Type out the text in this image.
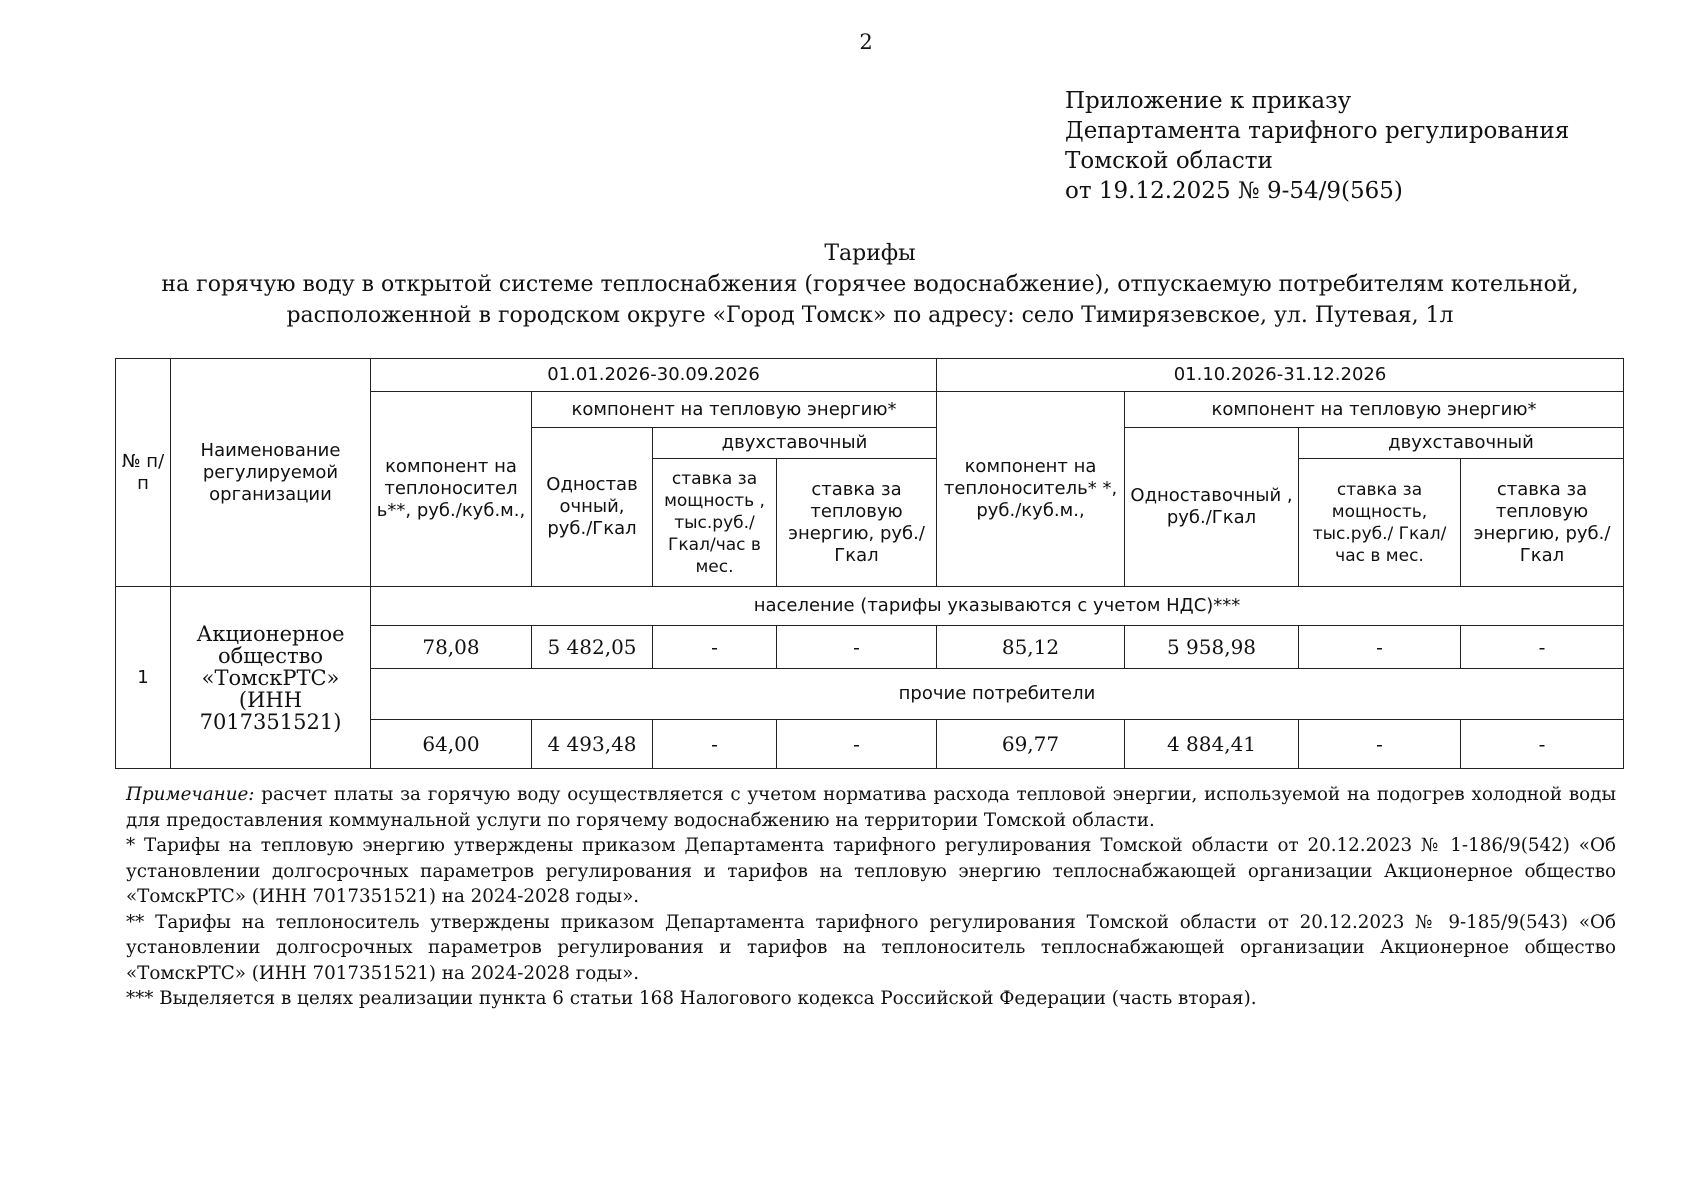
2
Приложение к приказу
Департамента тарифного регулирования
Томской области
от 19.12.2025 № 9-54/9(565)
Тарифы
на горячую воду в открытой системе теплоснабжения (горячее водоснабжение), отпускаемую потребителям котельной,
расположенной в городском округе «Город Томск» по адресу: село Тимирязевское, ул. Путевая, 1л
№ п/п	Наименование регулируемой организации	01.01.2026-30.09.2026				01.10.2026-31.12.2026			
		компонент на теплоносител ь**, руб./куб.м.,	компонент на тепловую энергию*			компонент на теплоноситель* *, руб./куб.м.,	компонент на тепловую энергию*		
			Одностав очный, руб./Гкал	двухставочный			Одноставочный , руб./Гкал	двухставочный	
				ставка за мощность , тыс.руб./ Гкал/час в мес.	ставка за тепловую энергию, руб./Гкал			ставка за мощность, тыс.руб./ Гкал/час в мес.	ставка за тепловую энергию, руб./Гкал

1	Акционерное общество «ТомскРТС» (ИНН 7017351521)	население (тарифы указываются с учетом НДС)***							
		78,08	5 482,05	-	-	85,12	5 958,98	-	-
		прочие потребители							
		64,00	4 493,48	-	-	69,77	4 884,41	-	-

Примечание: расчет платы за горячую воду осуществляется с учетом норматива расхода тепловой энергии, используемой на подогрев холодной воды для предоставления коммунальной услуги по горячему водоснабжению на территории Томской области.

* Тарифы на тепловую энергию утверждены приказом Департамента тарифного регулирования Томской области от 20.12.2023 № 1-186/9(542) «Об установлении долгосрочных параметров регулирования и тарифов на тепловую энергию теплоснабжающей организации Акционерное общество «ТомскРТС» (ИНН 7017351521) на 2024-2028 годы».

** Тарифы на теплоноситель утверждены приказом Департамента тарифного регулирования Томской области от 20.12.2023 № 9-185/9(543) «Об установлении долгосрочных параметров регулирования и тарифов на теплоноситель теплоснабжающей организации Акционерное общество «ТомскРТС» (ИНН 7017351521) на 2024-2028 годы».

*** Выделяется в целях реализации пункта 6 статьи 168 Налогового кодекса Российской Федерации (часть вторая).
